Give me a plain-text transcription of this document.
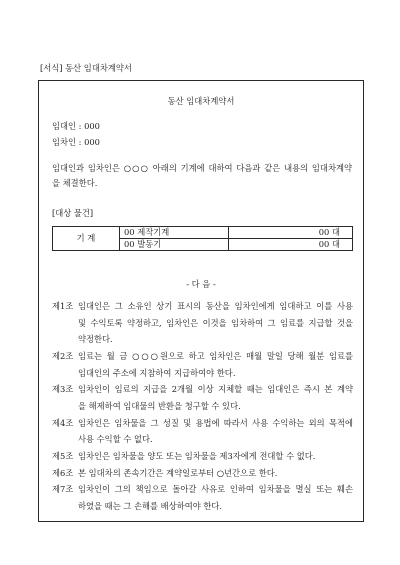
[서식] 동산 임대차계약서
동산 임대차계약서
임대인 : 000
임차인 : 000
임대인과 임차인은 ○○○ 아래의 기계에 대하여 다음과 같은 내용의 임대차계약
을 체결한다.
[대상 물건]
기 계	00 제작기계	00 대
	00 발동기	00 대
- 다 음 -
제1조 임대인은 그 소유인 상기 표시의 동산을 임차인에게 임대하고 이를 사용
및 수익토록 약정하고, 임차인은 이것을 임차하여 그 임료를 지급할 것을
약정한다.
제2조 임료는 월 금 ○○○원으로 하고 임차인은 매월 말일 당해 월분 임료를
임대인의 주소에 지참하여 지급하여야 한다.
제3조 임차인이 임료의 지급을 2개월 이상 지체할 때는 임대인은 즉시 본 계약
을 해제하여 임대물의 반환을 청구할 수 있다.
제4조 임차인은 임차물을 그 성질 및 용법에 따라서 사용 수익하는 외의 목적에
사용 수익할 수 없다.
제5조 임차인은 임차물을 양도 또는 임차물을 제3자에게 전대할 수 없다.
제6조 본 임대차의 존속기간은 계약일로부터 ○년간으로 한다.
제7조 임차인이 그의 책임으로 돌아갈 사유로 인하여 임차물을 멸실 또는 훼손
하였을 때는 그 손해를 배상하여야 한다.
